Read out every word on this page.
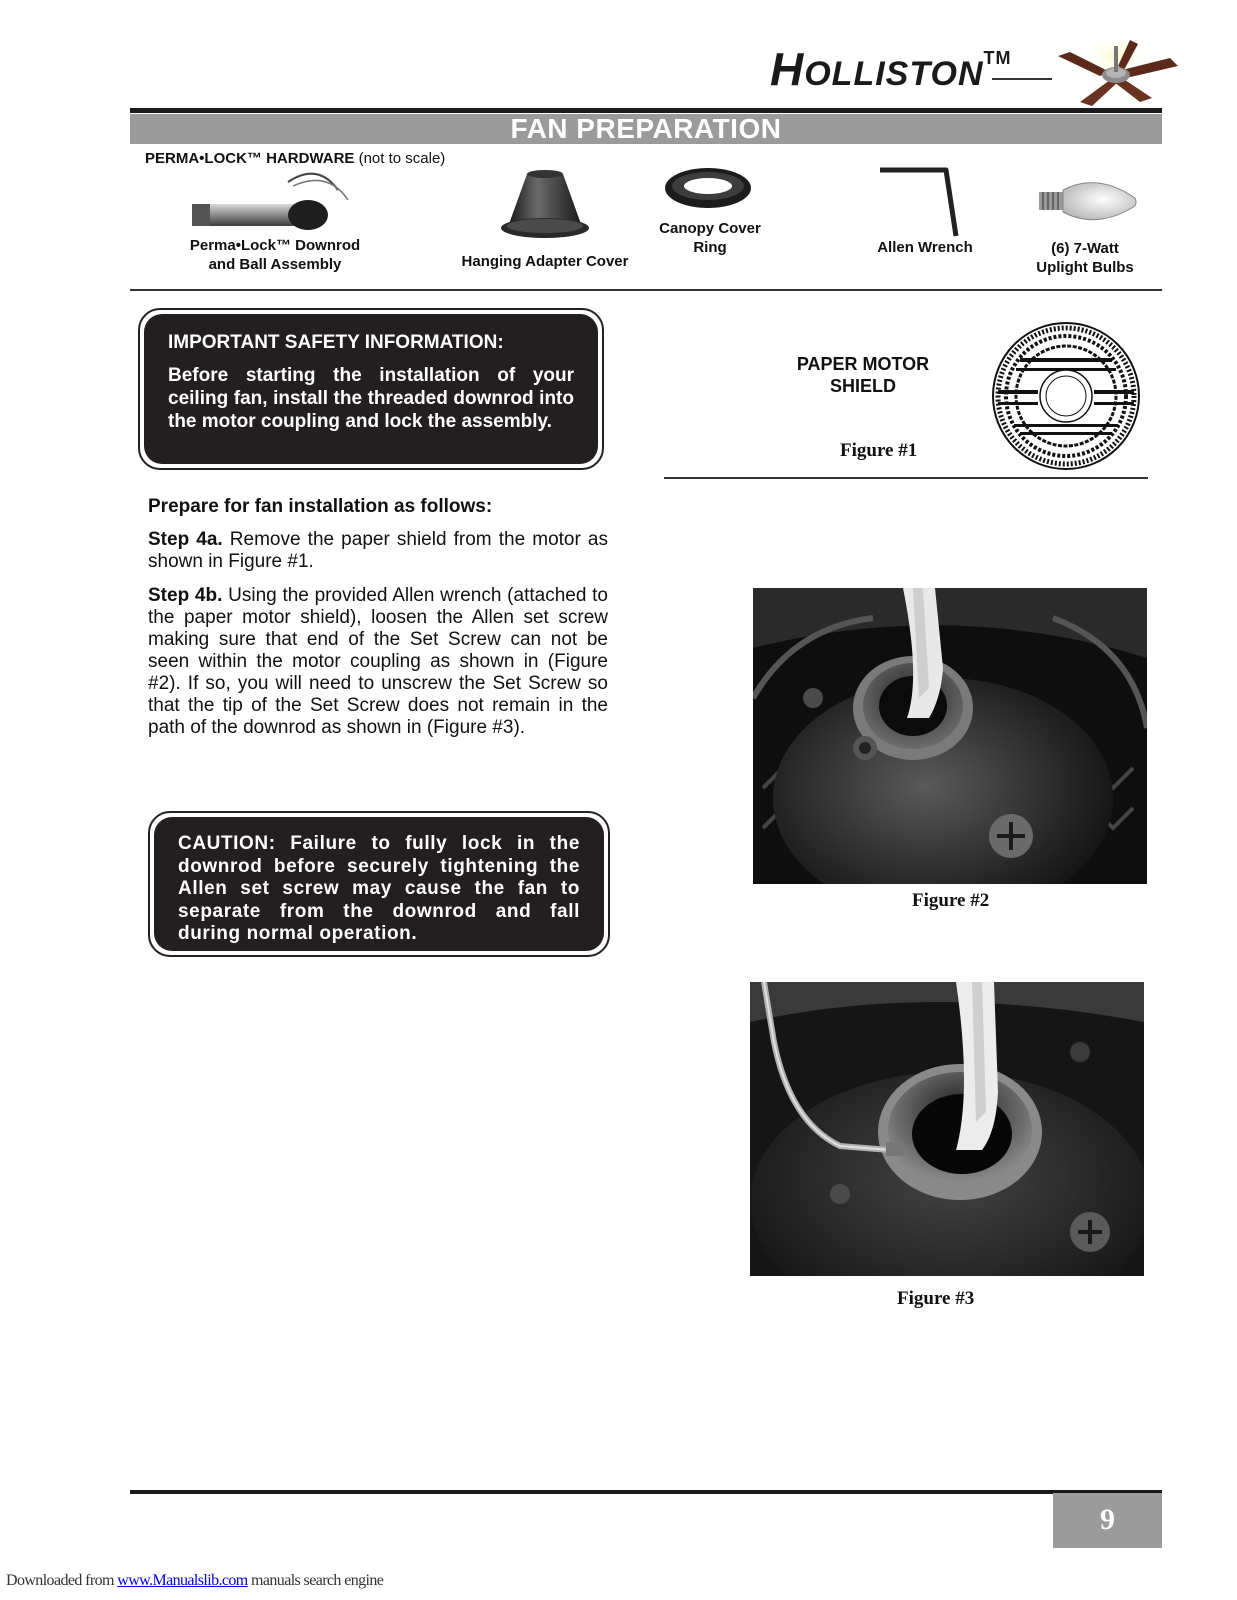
HOLLISTON™
FAN PREPARATION
PERMA•LOCK™ HARDWARE (not to scale)
Perma•Lock™ Downrod
and Ball Assembly	Hanging Adapter Cover
Canopy Cover
Ring	Allen Wrench	(6) 7-Watt
Uplight Bulbs
IMPORTANT SAFETY INFORMATION:
Before starting the installation of your ceiling fan, install the threaded downrod into the motor coupling and lock the assembly.
PAPER MOTOR
SHIELD
Figure #1
Prepare for fan installation as follows:
Step 4a. Remove the paper shield from the motor as shown in Figure #1.
Step 4b. Using the provided Allen wrench (attached to the paper motor shield), loosen the Allen set screw making sure that end of the Set Screw can not be seen within the motor coupling as shown in (Figure #2). If so, you will need to unscrew the Set Screw so that the tip of the Set Screw does not remain in the path of the downrod as shown in (Figure #3).
CAUTION: Failure to fully lock in the downrod before securely tightening the Allen set screw may cause the fan to separate from the downrod and fall during normal operation.
Figure #2
Figure #3
9
Downloaded from www.Manualslib.com manuals search engine
